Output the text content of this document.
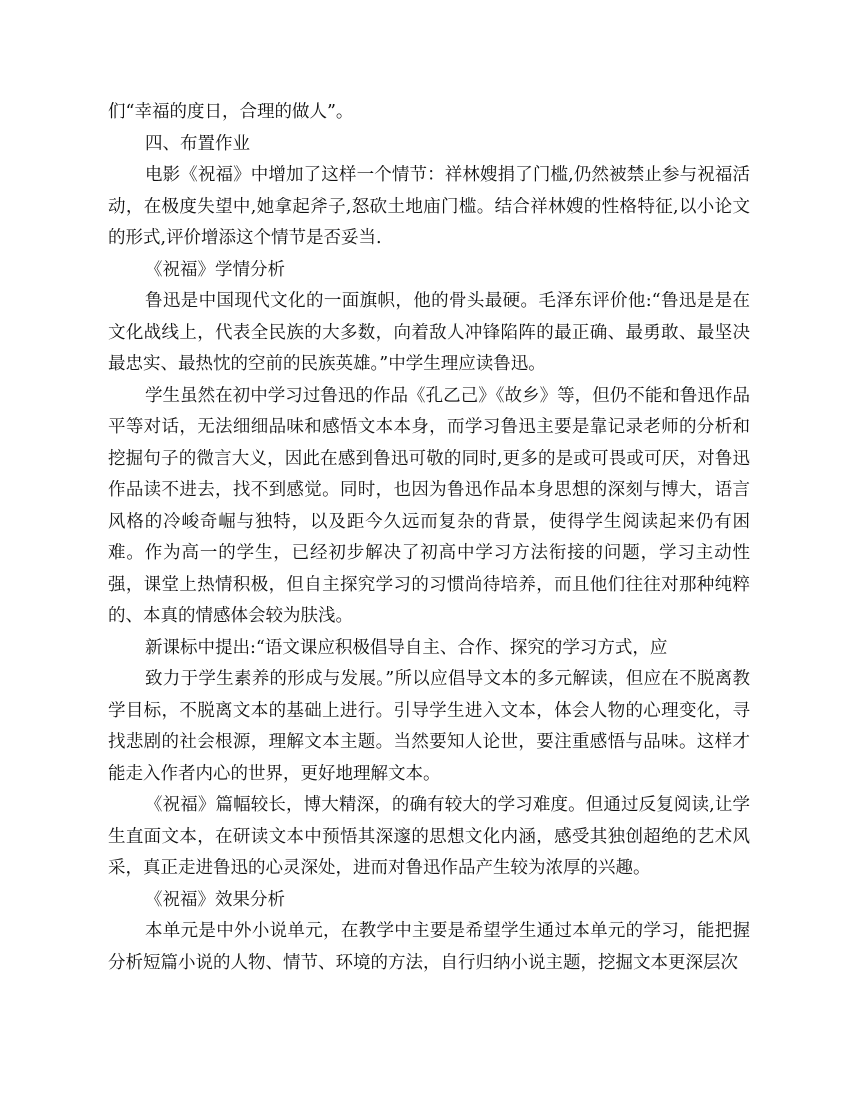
们“幸福的度日，合理的做人”。

四、布置作业

电影《祝福》中增加了这样一个情节：祥林嫂捐了门槛,仍然被禁止参与祝福活动，在极度失望中,她拿起斧子,怒砍土地庙门槛。结合祥林嫂的性格特征,以小论文的形式,评价增添这个情节是否妥当.

《祝福》学情分析

鲁迅是中国现代文化的一面旗帜，他的骨头最硬。毛泽东评价他:“鲁迅是是在文化战线上，代表全民族的大多数，向着敌人冲锋陷阵的最正确、最勇敢、最坚决最忠实、最热忱的空前的民族英雄。”中学生理应读鲁迅。

学生虽然在初中学习过鲁迅的作品《孔乙己》《故乡》等，但仍不能和鲁迅作品平等对话，无法细细品味和感悟文本本身，而学习鲁迅主要是靠记录老师的分析和挖掘句子的微言大义，因此在感到鲁迅可敬的同时,更多的是或可畏或可厌，对鲁迅作品读不进去，找不到感觉。同时，也因为鲁迅作品本身思想的深刻与博大，语言风格的冷峻奇崛与独特，以及距今久远而复杂的背景，使得学生阅读起来仍有困难。作为高一的学生，已经初步解决了初高中学习方法衔接的问题，学习主动性强，课堂上热情积极，但自主探究学习的习惯尚待培养，而且他们往往对那种纯粹的、本真的情感体会较为肤浅。

新课标中提出:“语文课应积极倡导自主、合作、探究的学习方式，应

致力于学生素养的形成与发展。”所以应倡导文本的多元解读，但应在不脱离教学目标，不脱离文本的基础上进行。引导学生进入文本，体会人物的心理变化，寻找悲剧的社会根源，理解文本主题。当然要知人论世，要注重感悟与品味。这样才能走入作者内心的世界，更好地理解文本。

《祝福》篇幅较长，博大精深，的确有较大的学习难度。但通过反复阅读,让学生直面文本，在研读文本中预悟其深邃的思想文化内涵，感受其独创超绝的艺术风采，真正走进鲁迅的心灵深处，进而对鲁迅作品产生较为浓厚的兴趣。

《祝福》效果分析

本单元是中外小说单元，在教学中主要是希望学生通过本单元的学习，能把握分析短篇小说的人物、情节、环境的方法，自行归纳小说主题，挖掘文本更深层次
